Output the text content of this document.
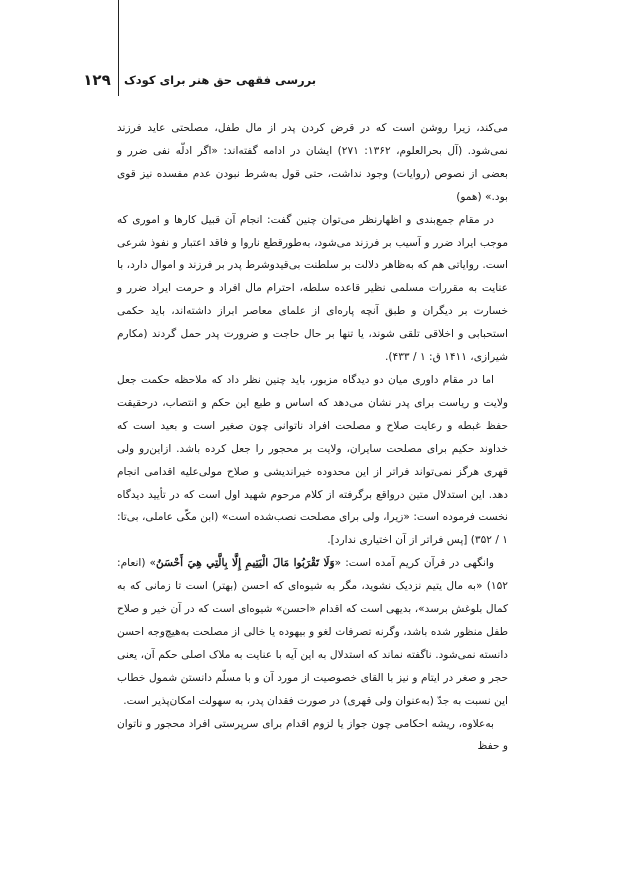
۱۲۹ بررسی فقهی حق هنر برای کودک

می‌کند، زیرا روشن است که در قرض کردن پدر از مال طفل، مصلحتی عاید فرزند نمی‌شود. (آل بحرالعلوم، ۱۳۶۲: ۲۷۱) ایشان در ادامه گفته‌اند: «اگر ادلّه نفی ضرر و بعضی از نصوص (روایات) وجود نداشت، حتی قول به‌شرط نبودن عدم مفسده نیز قوی بود.» (همو)

در مقام جمع‌بندی و اظهارنظر می‌توان چنین گفت: انجام آن قبیل کارها و اموری که موجب ایراد ضرر و آسیب بر فرزند می‌شود، به‌طورقطع ناروا و فاقد اعتبار و نفوذ شرعی است. روایاتی هم که به‌ظاهر دلالت بر سلطنت بی‌قیدوشرط پدر بر فرزند و اموال دارد، با عنایت به مقررات مسلمی نظیر قاعده سلطه، احترام مال افراد و حرمت ایراد ضرر و خسارت بر دیگران و طبق آنچه پاره‌ای از علمای معاصر ابراز داشته‌اند، باید حکمی استحبابی و اخلاقی تلقی شوند، یا تنها بر حال حاجت و ضرورت پدر حمل گردند (مکارم شیرازی، ۱۴۱۱ ق: ۱ / ۴۳۳).

اما در مقام داوری میان دو دیدگاه مزبور، باید چنین نظر داد که ملاحظه حکمت جعل ولایت و ریاست برای پدر نشان می‌دهد که اساس و طبع این حکم و انتصاب، درحقیقت حفظ غبطه و رعایت صلاح و مصلحت افراد ناتوانی چون صغیر است و بعید است که خداوند حکیم برای مصلحت سایران، ولایت بر محجور را جعل کرده باشد. ازاین‌رو ولی قهری هرگز نمی‌تواند فراتر از این محدوده خیراندیشی و صلاح مولی‌علیه اقدامی انجام دهد. این استدلال متین درواقع برگرفته از کلام مرحوم شهید اول است که در تأیید دیدگاه نخست فرموده است: «زیرا، ولی برای مصلحت نصب‌شده است» (ابن مکّی عاملی، بی‌تا: ۱ / ۳۵۲) [پس فراتر از آن اختیاری ندارد].

وانگهی در قرآن کریم آمده است: «وَلَا تَقْرَبُوا مَالَ الْيَتِيمِ إِلَّا بِالَّتِي هِيَ أَحْسَنُ» (انعام: ۱۵۲) «به مال یتیم نزدیک نشوید، مگر به شیوه‌ای که احسن (بهتر) است تا زمانی که به کمال بلوغش برسد»، بدیهی است که اقدام «احسن» شیوه‌ای است که در آن خیر و صلاح طفل منظور شده باشد، وگرنه تصرفات لغو و بیهوده یا خالی از مصلحت به‌هیچ‌وجه احسن دانسته نمی‌شود. ناگفته نماند که استدلال به این آیه با عنایت به ملاک اصلی حکم آن، یعنی حجر و صغر در ایتام و نیز با القای خصوصیت از مورد آن و با مسلّم دانستن شمول خطاب این نسبت به جدّ (به‌عنوان ولی قهری) در صورت فقدان پدر، به سهولت امکان‌پذیر است.

به‌علاوه، ریشه احکامی چون جواز یا لزوم اقدام برای سرپرستی افراد محجور و ناتوان و حفظ
